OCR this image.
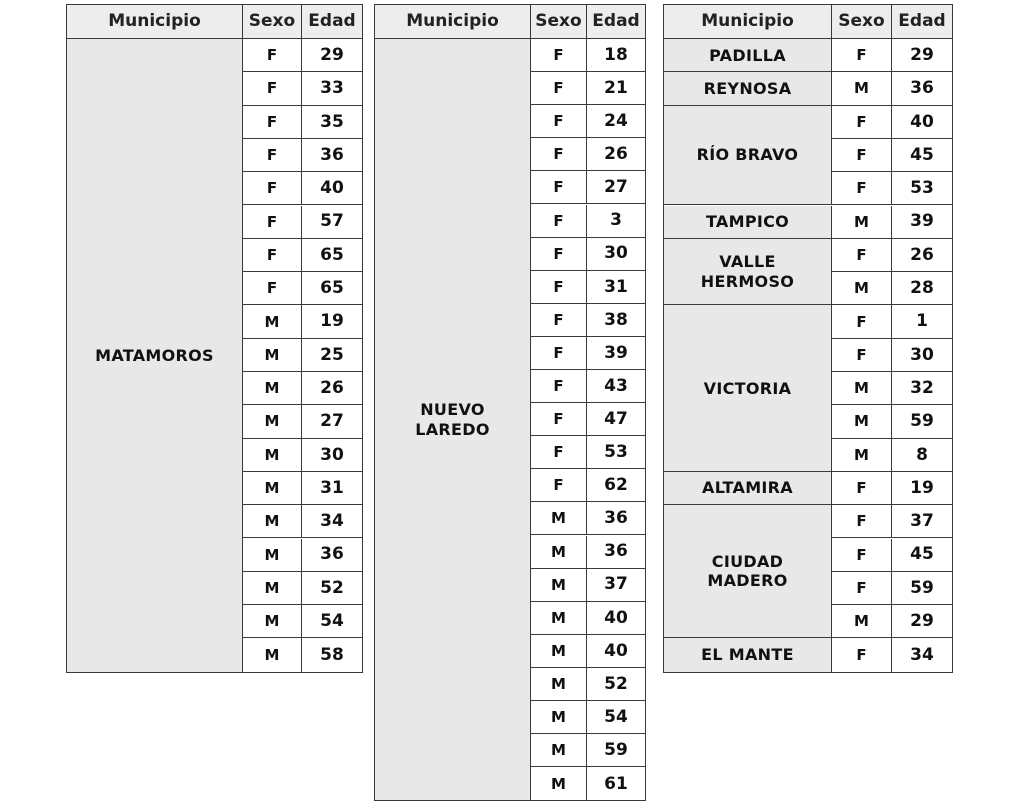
Municipio	Sexo Edad
MATAMOROS
F	29
F	33
F	35
F	36
F	40
F	57
F	65
F	65
M 19
M 25
M 26
M 27
M 30
M 31
M 34
M 36
M 52
M 54
M 58
Municipio Sexo Edad
NUEVO
LAREDO
F 18
F 21
F 24
F 26
F 27
F	3
F 30
F 31
F 38
F 39
F 43
F 47
F 53
F 62
M 36
M 36
M 37
M 40
M 40
M 52
M 54
M 59
M 61
Municipio	Sexo Edad
PADILLA	F	29
REYNOSA	M 36
RÍO BRAVO
F	40
F	45
F	53
TAMPICO	M 39
VALLE
HERMOSO
F	26
M 28
VICTORIA
F	1
F	30
M 32
M 59
M	8
ALTAMIRA	F	19
CIUDAD
MADERO
F	37
F	45
F	59
M 29
EL MANTE	F	34
